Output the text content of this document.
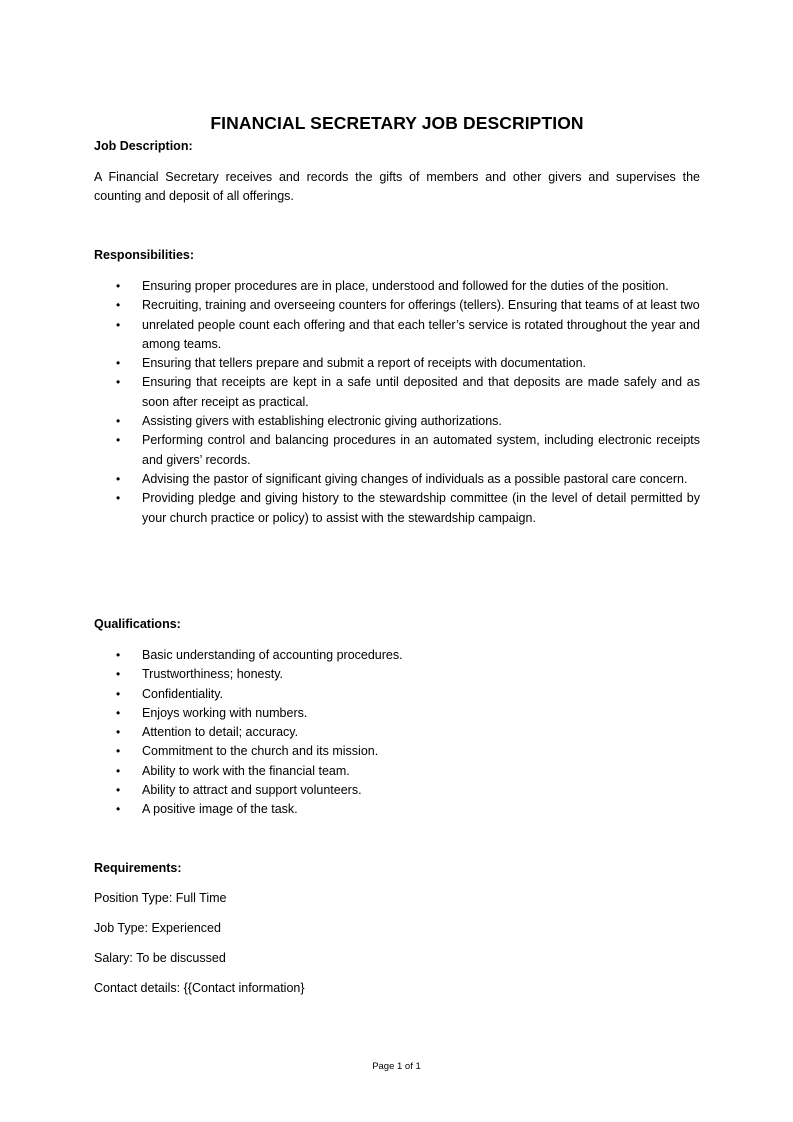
FINANCIAL SECRETARY JOB DESCRIPTION
Job Description:
A Financial Secretary receives and records the gifts of members and other givers and supervises the counting and deposit of all offerings.
Responsibilities:
• Ensuring proper procedures are in place, understood and followed for the duties of the position.
• Recruiting, training and overseeing counters for offerings (tellers). Ensuring that teams of at least two
• unrelated people count each offering and that each teller’s service is rotated throughout the year and among teams.
• Ensuring that tellers prepare and submit a report of receipts with documentation.
• Ensuring that receipts are kept in a safe until deposited and that deposits are made safely and as soon after receipt as practical.
• Assisting givers with establishing electronic giving authorizations.
• Performing control and balancing procedures in an automated system, including electronic receipts and givers’ records.
• Advising the pastor of significant giving changes of individuals as a possible pastoral care concern.
• Providing pledge and giving history to the stewardship committee (in the level of detail permitted by your church practice or policy) to assist with the stewardship campaign.
Qualifications:
• Basic understanding of accounting procedures.
• Trustworthiness; honesty.
• Confidentiality.
• Enjoys working with numbers.
• Attention to detail; accuracy.
• Commitment to the church and its mission.
• Ability to work with the financial team.
• Ability to attract and support volunteers.
• A positive image of the task.
Requirements:
Position Type: Full Time
Job Type: Experienced
Salary: To be discussed
Contact details: {{Contact information}
Page 1 of 1
